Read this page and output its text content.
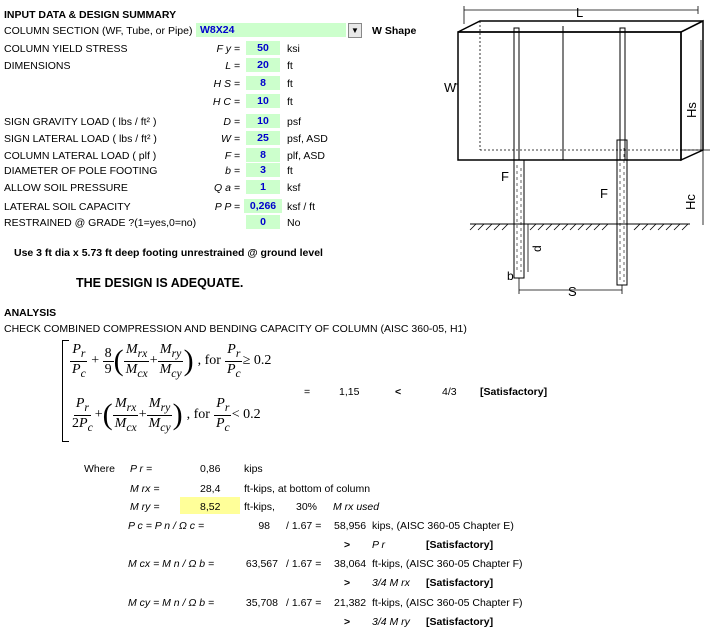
INPUT DATA & DESIGN SUMMARY
COLUMN SECTION (WF, Tube, or Pipe) W8X24	▼ W Shape
COLUMN YIELD STRESS	F y =	50	ksi
DIMENSIONS	L =	20	ft
H S =	8	ft
H C =	10	ft
SIGN GRAVITY LOAD ( lbs / ft² )	D =	10	psf
SIGN LATERAL LOAD ( lbs / ft² )	W =	25	psf, ASD
COLUMN LATERAL LOAD ( plf )	F =	8	plf, ASD
DIAMETER OF POLE FOOTING	b =	3	ft
ALLOW SOIL PRESSURE	Q a =	1	ksf
LATERAL SOIL CAPACITY	P P = 0,266	ksf / ft
RESTRAINED @ GRADE ?(1=yes,0=no)	0	No
Use 3 ft dia x 5.73 ft deep footing unrestrained @ ground level
THE DESIGN IS ADEQUATE.
L
W
Hs
Hc
F
F
d
b
S
ANALYSIS
CHECK COMBINED COMPRESSION AND BENDING CAPACITY OF COLUMN (AISC 360-05, H1)
$\frac{P_r}{P_c} + \frac{8}{9}$ ( $\frac{M_{rx}}{M_{cx}} + \frac{M_{ry}}{M_{cy}}$ ) , for $\frac{P_r}{P_c} \ge 0.2$
$\frac{P_r}{2P_c}$ + ( $\frac{M_{rx}}{M_{cx}} + \frac{M_{ry}}{M_{cy}}$ ) , for $\frac{P_r}{P_c} < 0.2$
=	1,15	<	4/3 [Satisfactory]
Where P r =	0,86 kips
M rx =	28,4 ft-kips, at bottom of column
M ry =	8,52 ft-kips, 30% M rx used
P c = P n / Ω c =	98 / 1.67 = 58,956 kips, (AISC 360-05 Chapter E)
> P r	[Satisfactory]
M cx = M n / Ω b =	63,567 / 1.67 = 38,064 ft-kips, (AISC 360-05 Chapter F)
> 3/4 M rx [Satisfactory]
M cy = M n / Ω b =	35,708 / 1.67 = 21,382 ft-kips, (AISC 360-05 Chapter F)
> 3/4 M ry [Satisfactory]
